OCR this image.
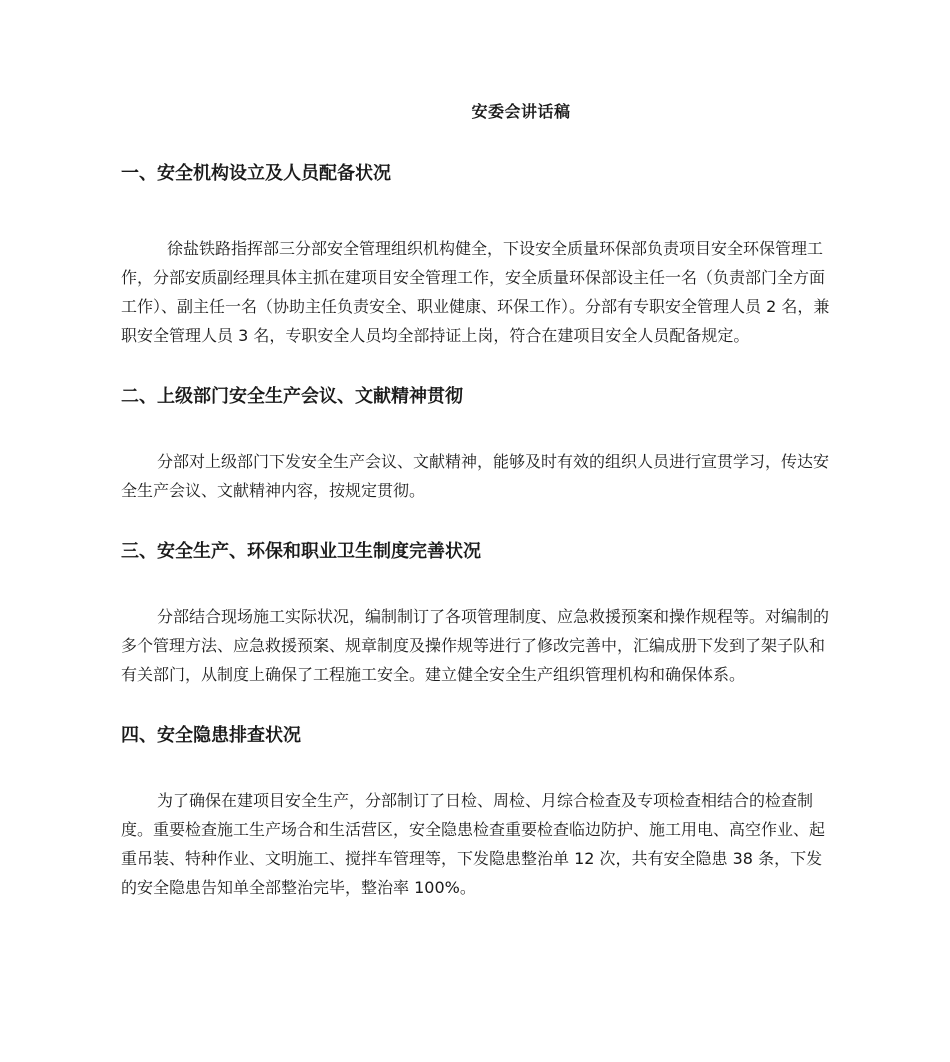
安委会讲话稿
一、安全机构设立及人员配备状况

徐盐铁路指挥部三分部安全管理组织机构健全，下设安全质量环保部负责项目安全环保管理工作，分部安质副经理具体主抓在建项目安全管理工作，安全质量环保部设主任一名（负责部门全方面工作）、副主任一名（协助主任负责安全、职业健康、环保工作）。分部有专职安全管理人员 2 名，兼职安全管理人员 3 名，专职安全人员均全部持证上岗，符合在建项目安全人员配备规定。

二、上级部门安全生产会议、文献精神贯彻

分部对上级部门下发安全生产会议、文献精神，能够及时有效的组织人员进行宣贯学习，传达安全生产会议、文献精神内容，按规定贯彻。

三、安全生产、环保和职业卫生制度完善状况

分部结合现场施工实际状况，编制制订了各项管理制度、应急救援预案和操作规程等。对编制的多个管理方法、应急救援预案、规章制度及操作规等进行了修改完善中，汇编成册下发到了架子队和有关部门，从制度上确保了工程施工安全。建立健全安全生产组织管理机构和确保体系。

四、安全隐患排查状况

为了确保在建项目安全生产，分部制订了日检、周检、月综合检查及专项检查相结合的检查制度。重要检查施工生产场合和生活营区，安全隐患检查重要检查临边防护、施工用电、高空作业、起重吊装、特种作业、文明施工、搅拌车管理等，下发隐患整治单 12 次，共有安全隐患 38 条，下发的安全隐患告知单全部整治完毕，整治率 100%。
